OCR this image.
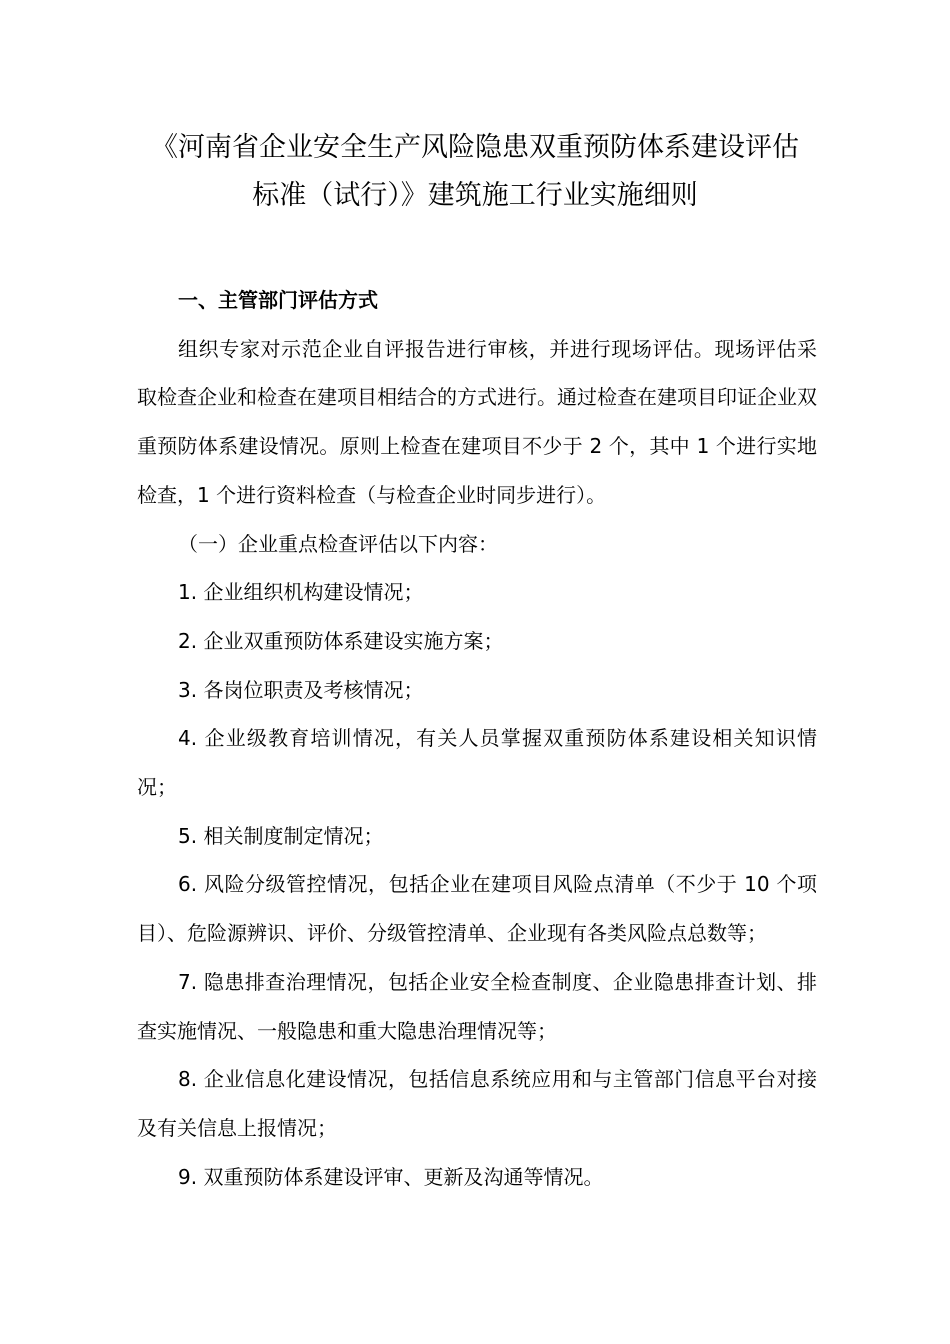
《河南省企业安全生产风险隐患双重预防体系建设评估
标准（试行）》建筑施工行业实施细则

一、主管部门评估方式

组织专家对示范企业自评报告进行审核，并进行现场评估。现场评估采取检查企业和检查在建项目相结合的方式进行。通过检查在建项目印证企业双重预防体系建设情况。原则上检查在建项目不少于 2 个，其中 1 个进行实地检查，1 个进行资料检查（与检查企业时同步进行）。

（一）企业重点检查评估以下内容：

1. 企业组织机构建设情况；

2. 企业双重预防体系建设实施方案；

3. 各岗位职责及考核情况；

4. 企业级教育培训情况，有关人员掌握双重预防体系建设相关知识情况；

5. 相关制度制定情况；

6. 风险分级管控情况，包括企业在建项目风险点清单（不少于 10 个项目）、危险源辨识、评价、分级管控清单、企业现有各类风险点总数等；

7. 隐患排查治理情况，包括企业安全检查制度、企业隐患排查计划、排查实施情况、一般隐患和重大隐患治理情况等；

8. 企业信息化建设情况，包括信息系统应用和与主管部门信息平台对接及有关信息上报情况；

9. 双重预防体系建设评审、更新及沟通等情况。
